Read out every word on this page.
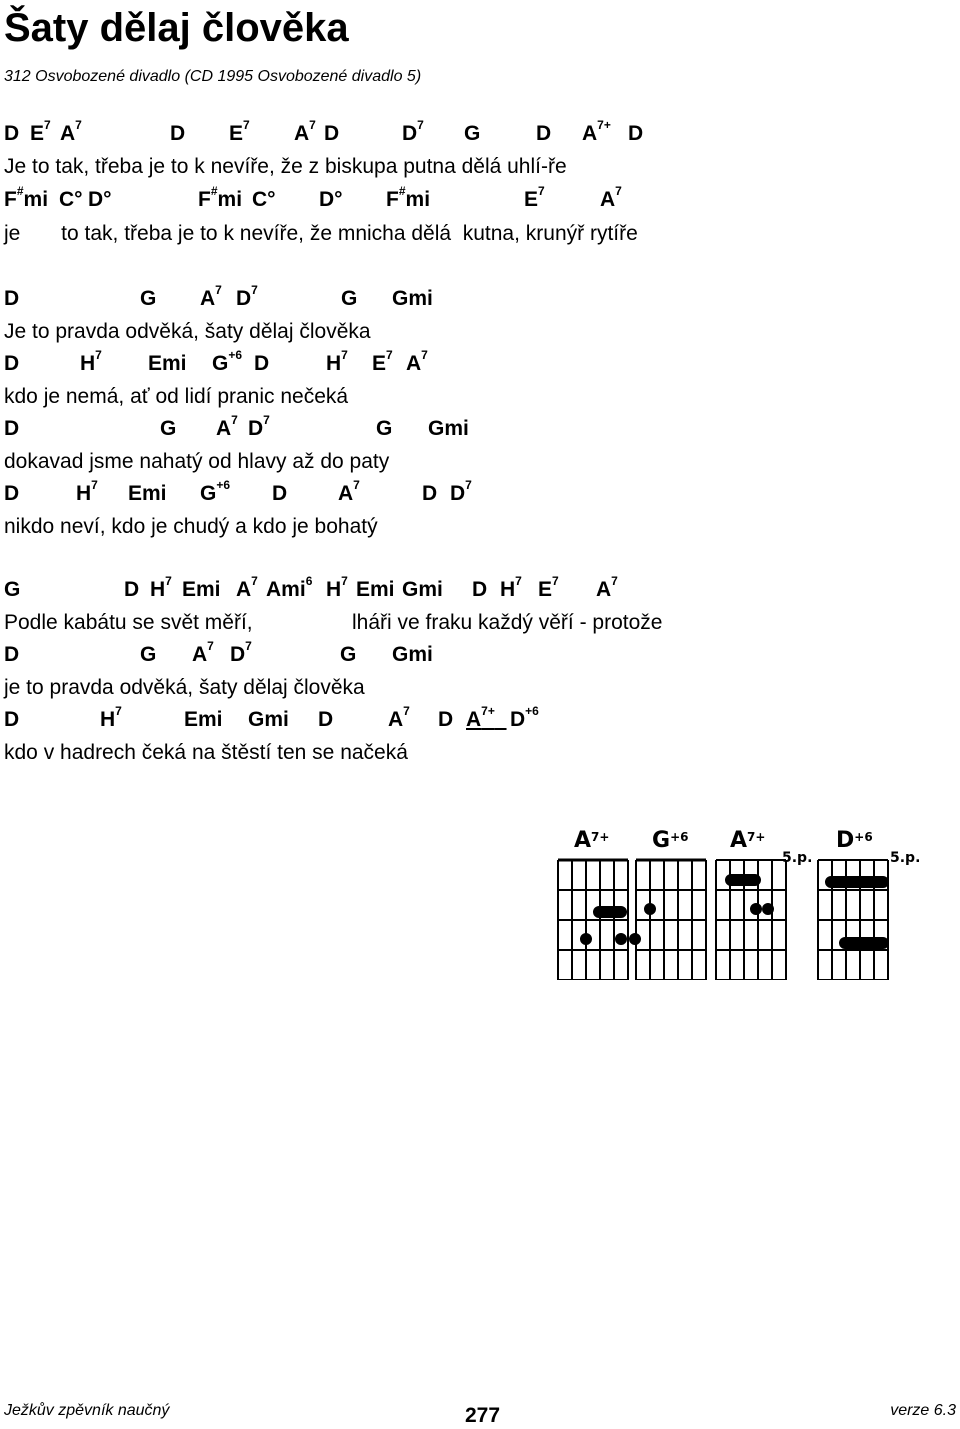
Šaty dělaj člověka
312 Osvobozené divadlo (CD 1995 Osvobozené divadlo 5)
D $E^7$ $A^7$	D $E^7$ $A^7$ D	$D^7$ G	D $A^{7+}$ D
Je to tak, třeba je to k nevíře, že z biskupa putna dělá uhlí-ře
F#mi C° D°	F#mi C° D° F#mi	$E^7$	$A^7$
je       to tak, třeba je to k nevíře, že mnicha dělá  kutna, krunýř rytíře
D	G $A^7$ $D^7$	G Gmi
Je to pravda odvěká, šaty dělaj člověka
D	$H^7$ Emi $G^{+6}$ D	$H^7$ $E^7$ $A^7$
kdo je nemá, ať od lidí pranic nečeká
D	G $A^7$ $D^7$	G Gmi
dokavad jsme nahatý od hlavy až do paty
D	$H^7$ Emi $G^{+6}$ D $A^7$	D $D^7$
nikdo neví, kdo je chudý a kdo je bohatý
G	D $H^7$ Emi $A^7$ Ami$^6$ $H^7$ Emi Gmi D $H^7$ $E^7$ $A^7$
Podle kabátu se svět měří,	lháři ve fraku každý věří - protože
D	G $A^7$ $D^7$	G Gmi
je to pravda odvěká, šaty dělaj člověka
D	$H^7$	Emi Gmi D	$A^7$ D $A^{7+}$ $D^{+6}$
kdo v hadrech čeká na štěstí ten se načeká
$A^{7+}$ $G^{+6}$ $A^{7+}$
5.p.
$D^{+6}$
5.p.
Ježkův zpěvník naučný	277	verze 6.3
